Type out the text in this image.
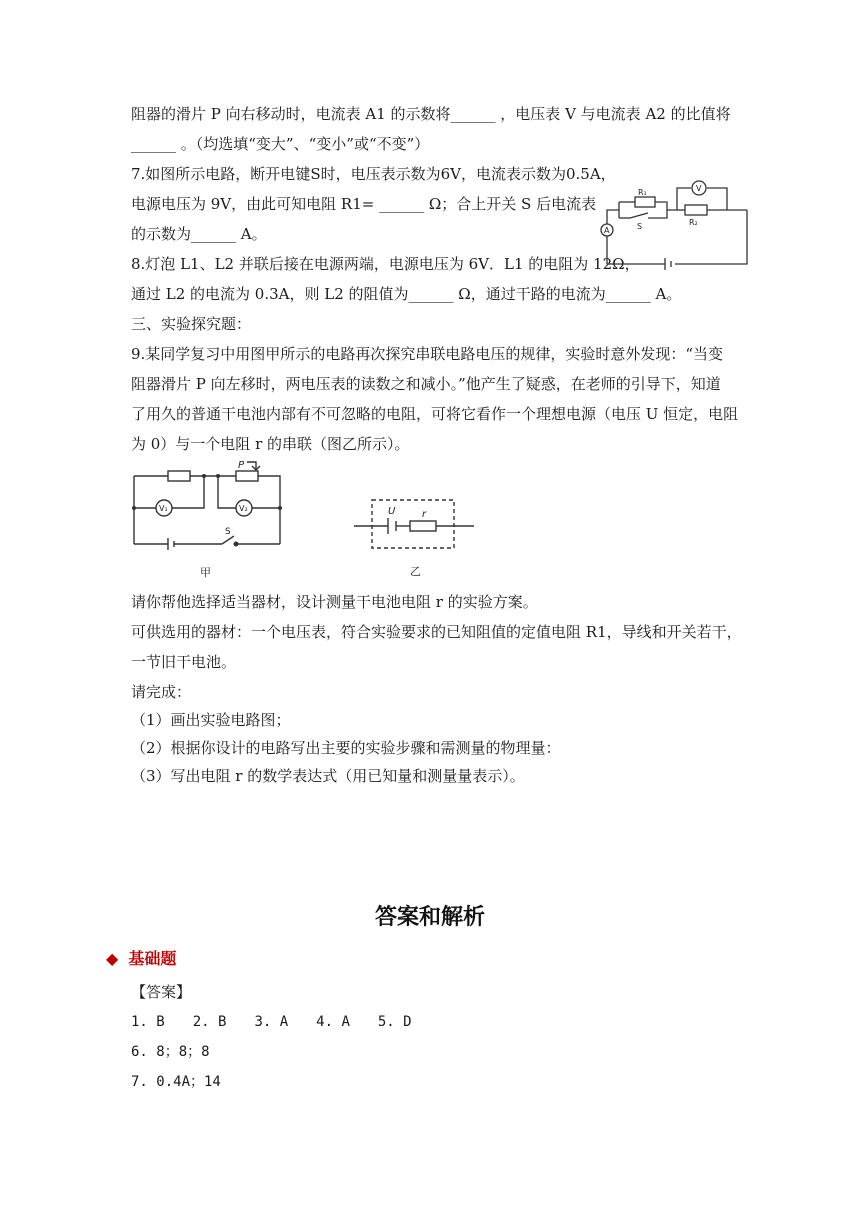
阻器的滑片 P 向右移动时，电流表 A1 的示数将______ ，电压表 V 与电流表 A2 的比值将
______ 。（均选填“变大”、“变小”或“不变”）
7.如图所示电路，断开电键S时，电压表示数为6V，电流表示数为0.5A，
电源电压为 9V，由此可知电阻 R1= ______ Ω；合上开关 S 后电流表
的示数为______ A。
8.灯泡 L1、L2 并联后接在电源两端，电源电压为 6V．L1 的电阻为 12Ω，
通过 L2 的电流为 0.3A，则 L2 的阻值为______ Ω，通过干路的电流为______ A。
三、实验探究题：
9.某同学复习中用图甲所示的电路再次探究串联电路电压的规律，实验时意外发现：“当变
阻器滑片 P 向左移时，两电压表的读数之和减小。”他产生了疑惑，在老师的引导下，知道
了用久的普通干电池内部有不可忽略的电阻，可将它看作一个理想电源（电压 U 恒定，电阻
为 0）与一个电阻 r 的串联（图乙所示）。
R₁
R₂
V
A	S
P
V₁	V₂
S
甲
U	r
乙
请你帮他选择适当器材，设计测量干电池电阻 r 的实验方案。
可供选用的器材：一个电压表，符合实验要求的已知阻值的定值电阻 R1，导线和开关若干，
一节旧干电池。
请完成：
（1）画出实验电路图；
（2）根据你设计的电路写出主要的实验步骤和需测量的物理量：
（3）写出电阻 r 的数学表达式（用已知量和测量量表示）。
答案和解析
◆ 基础题
【答案】
1. B 2. B 3. A 4. A 5. D
6. 8；8；8
7. 0.4A；14
